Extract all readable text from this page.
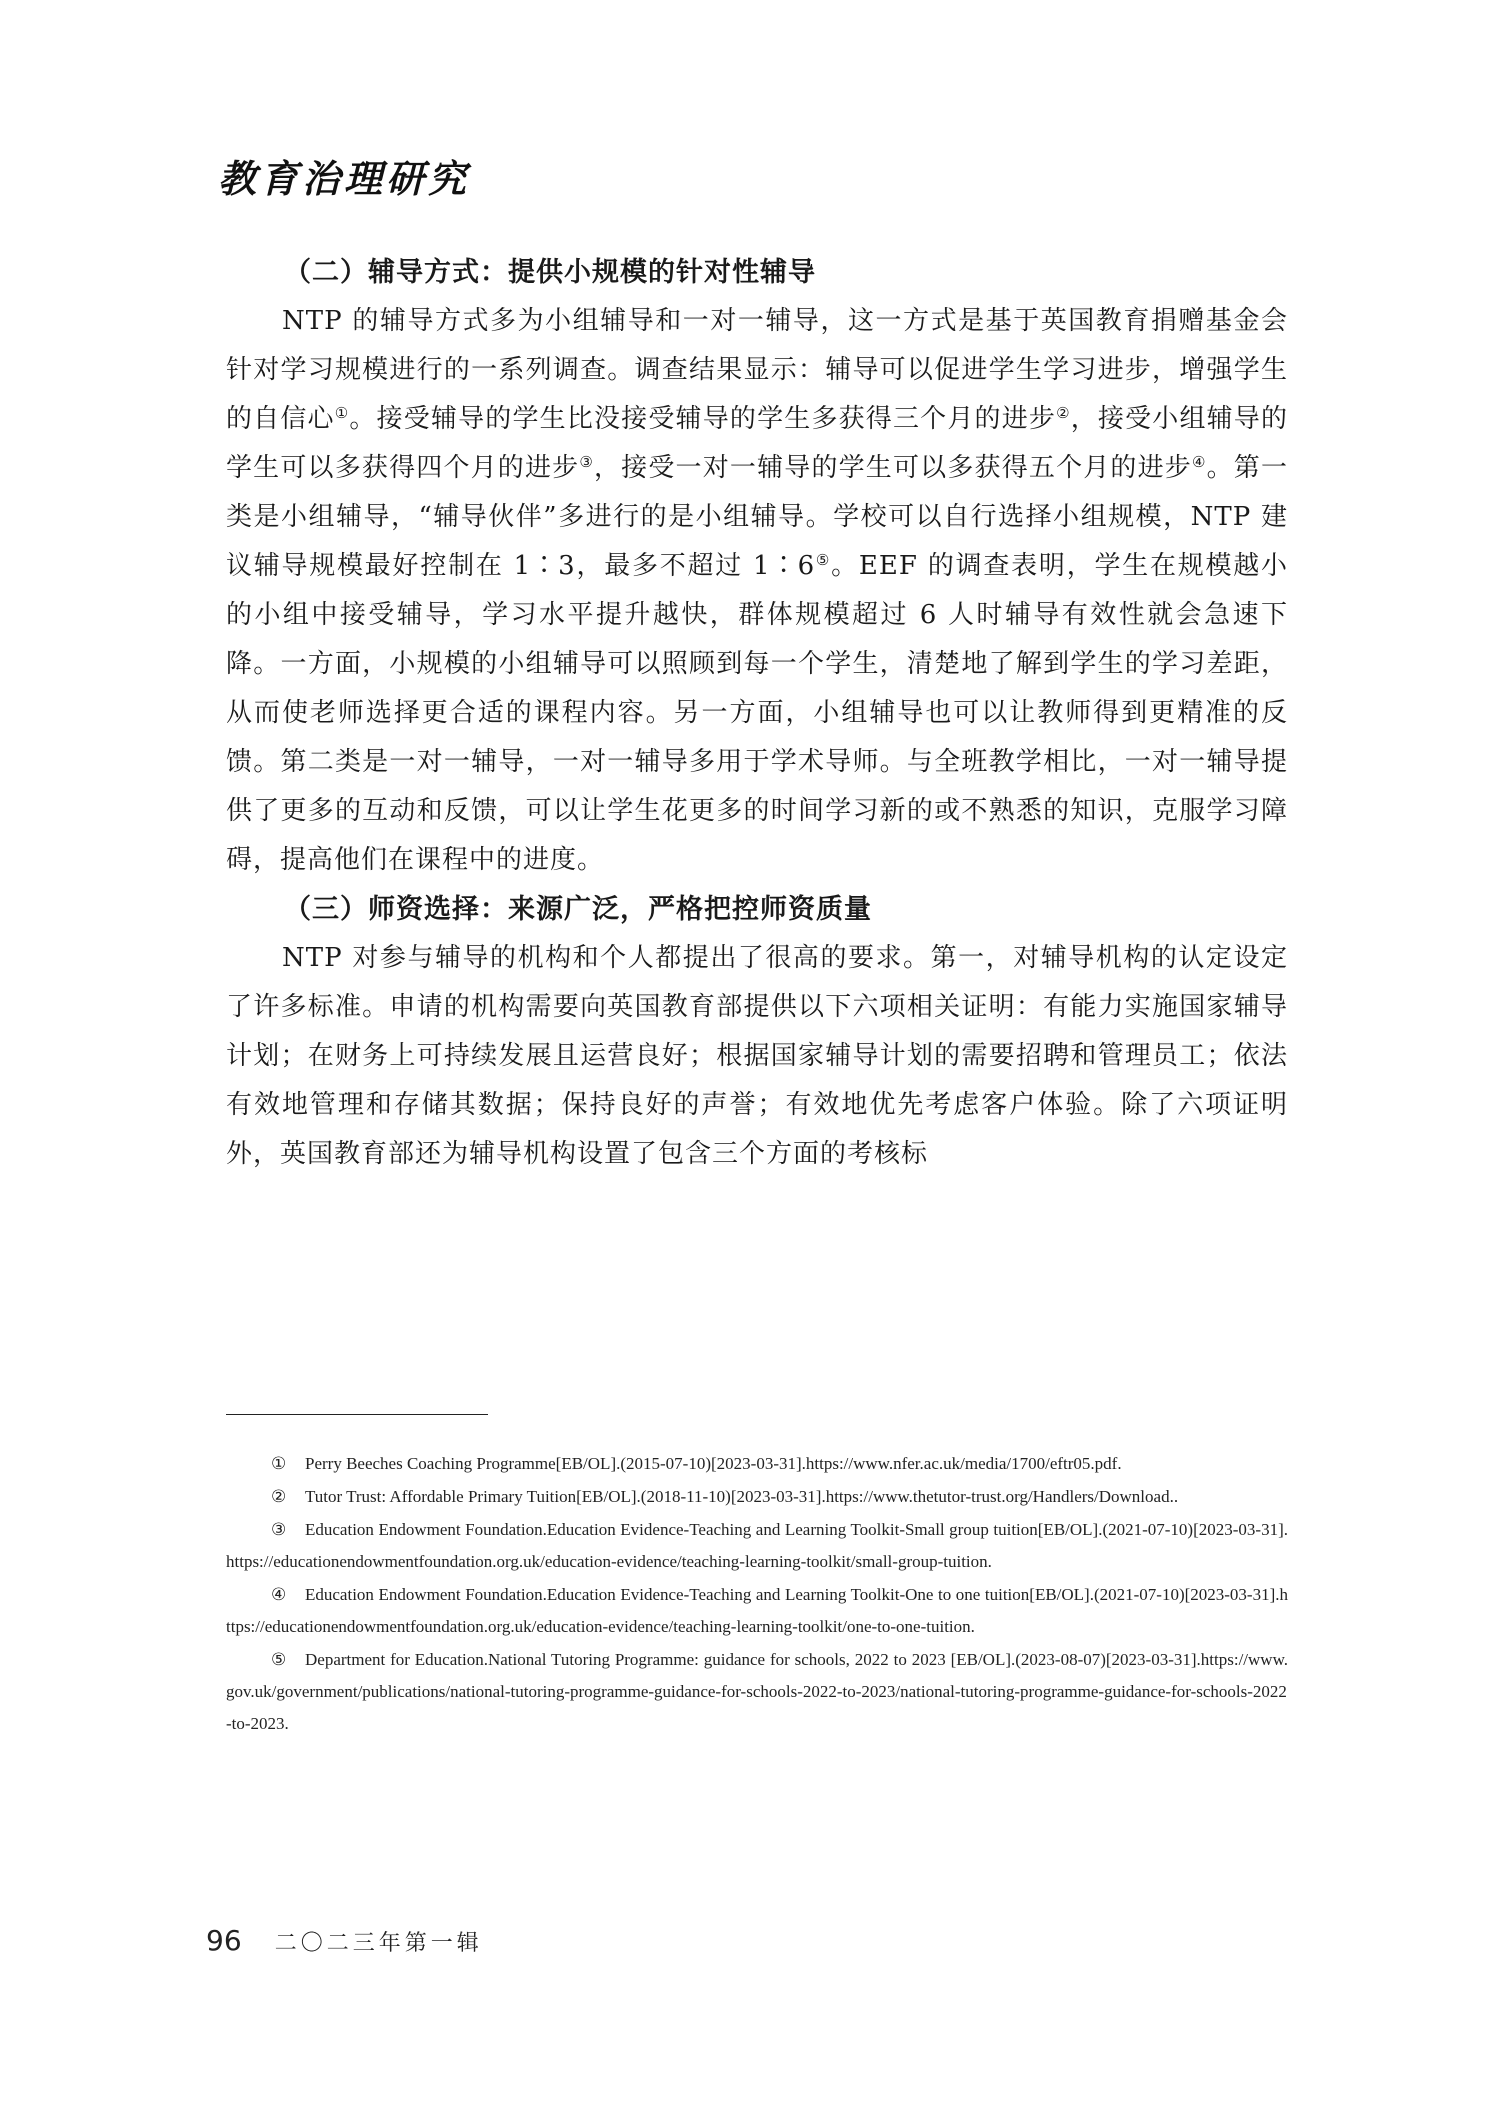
教育治理研究
（二）辅导方式：提供小规模的针对性辅导

NTP 的辅导方式多为小组辅导和一对一辅导，这一方式是基于英国教育捐赠基金会针对学习规模进行的一系列调查。调查结果显示：辅导可以促进学生学习进步，增强学生的自信心①。接受辅导的学生比没接受辅导的学生多获得三个月的进步②，接受小组辅导的学生可以多获得四个月的进步③，接受一对一辅导的学生可以多获得五个月的进步④。第一类是小组辅导，“辅导伙伴”多进行的是小组辅导。学校可以自行选择小组规模，NTP 建议辅导规模最好控制在 1∶3，最多不超过 1∶6⑤。EEF 的调查表明，学生在规模越小的小组中接受辅导，学习水平提升越快，群体规模超过 6 人时辅导有效性就会急速下降。一方面，小规模的小组辅导可以照顾到每一个学生，清楚地了解到学生的学习差距，从而使老师选择更合适的课程内容。另一方面，小组辅导也可以让教师得到更精准的反馈。第二类是一对一辅导，一对一辅导多用于学术导师。与全班教学相比，一对一辅导提供了更多的互动和反馈，可以让学生花更多的时间学习新的或不熟悉的知识，克服学习障碍，提高他们在课程中的进度。

（三）师资选择：来源广泛，严格把控师资质量

NTP 对参与辅导的机构和个人都提出了很高的要求。第一，对辅导机构的认定设定了许多标准。申请的机构需要向英国教育部提供以下六项相关证明：有能力实施国家辅导计划；在财务上可持续发展且运营良好；根据国家辅导计划的需要招聘和管理员工；依法有效地管理和存储其数据；保持良好的声誉；有效地优先考虑客户体验。除了六项证明外，英国教育部还为辅导机构设置了包含三个方面的考核标

① Perry Beeches Coaching Programme[EB/OL].(2015-07-10)[2023-03-31].https://www.nfer.ac.uk/media/1700/eftr05.pdf.

② Tutor Trust: Affordable Primary Tuition[EB/OL].(2018-11-10)[2023-03-31].https://www.thetutor-trust.org/Handlers/Download..

③ Education Endowment Foundation.Education Evidence-Teaching and Learning Toolkit-Small group tuition[EB/OL].(2021-07-10)[2023-03-31].https://educationendowmentfoundation.org.uk/education-evidence/teaching-learning-toolkit/small-group-tuition.

④ Education Endowment Foundation.Education Evidence-Teaching and Learning Toolkit-One to one tuition[EB/OL].(2021-07-10)[2023-03-31].https://educationendowmentfoundation.org.uk/education-evidence/teaching-learning-toolkit/one-to-one-tuition.

⑤ Department for Education.National Tutoring Programme: guidance for schools, 2022 to 2023 [EB/OL].(2023-08-07)[2023-03-31].https://www.gov.uk/government/publications/national-tutoring-programme-guidance-for-schools-2022-to-2023/national-tutoring-programme-guidance-for-schools-2022-to-2023.

96 二〇二三年第一辑
